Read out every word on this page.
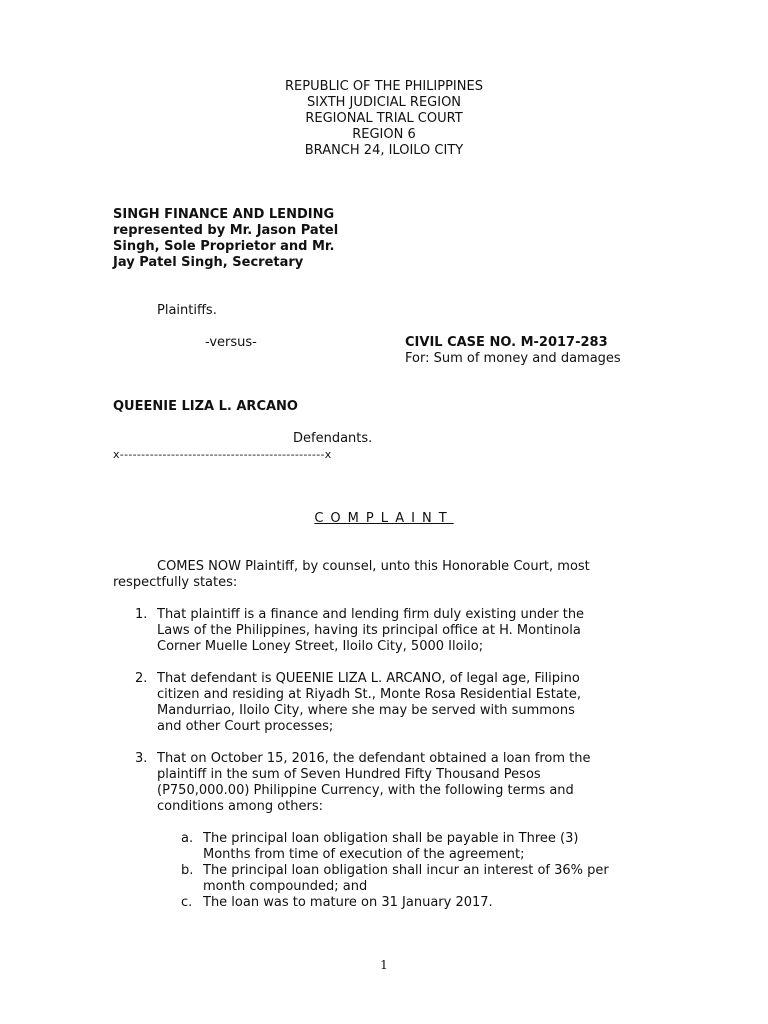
REPUBLIC OF THE PHILIPPINES
SIXTH JUDICIAL REGION
REGIONAL TRIAL COURT
REGION 6
BRANCH 24, ILOILO CITY
SINGH FINANCE AND LENDING
represented by Mr. Jason Patel
Singh, Sole Proprietor and Mr.
Jay Patel Singh, Secretary
Plaintiffs.
-versus-	CIVIL CASE NO. M-2017-283
For: Sum of money and damages
QUEENIE LIZA L. ARCANO
Defendants.
x------------------------------------------------x
COMPLAINT
COMES NOW Plaintiff, by counsel, unto this Honorable Court, most
respectfully states:
1. That plaintiff is a finance and lending firm duly existing under the
Laws of the Philippines, having its principal office at H. Montinola
Corner Muelle Loney Street, Iloilo City, 5000 Iloilo;
2. That defendant is QUEENIE LIZA L. ARCANO, of legal age, Filipino
citizen and residing at Riyadh St., Monte Rosa Residential Estate,
Mandurriao, Iloilo City, where she may be served with summons
and other Court processes;
3. That on October 15, 2016, the defendant obtained a loan from the
plaintiff in the sum of Seven Hundred Fifty Thousand Pesos
(P750,000.00) Philippine Currency, with the following terms and
conditions among others:
a. The principal loan obligation shall be payable in Three (3)
Months from time of execution of the agreement;
b. The principal loan obligation shall incur an interest of 36% per
month compounded; and
c. The loan was to mature on 31 January 2017.
1
